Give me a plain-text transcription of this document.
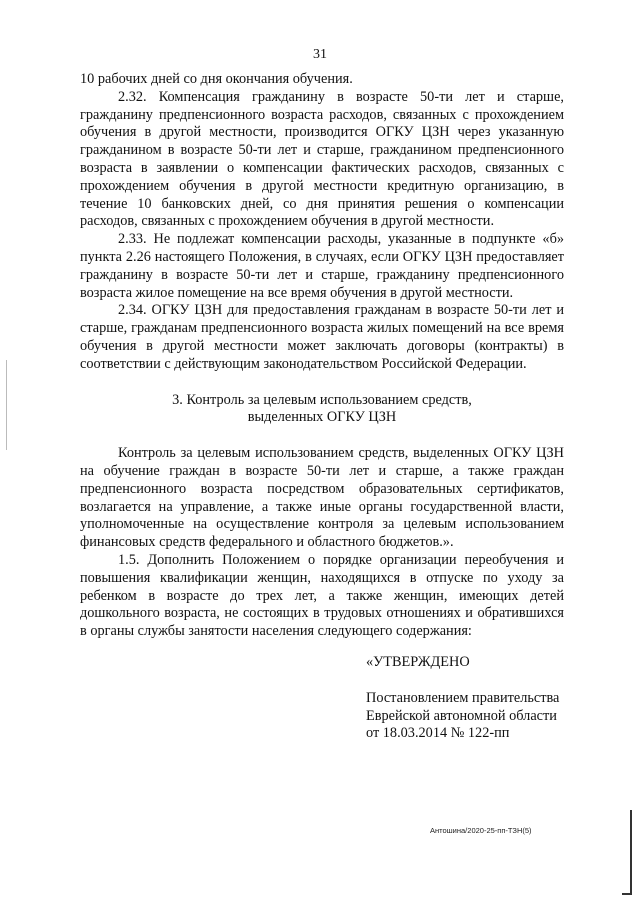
31

10 рабочих дней со дня окончания обучения.

2.32. Компенсация гражданину в возрасте 50-ти лет и старше, гражданину предпенсионного возраста расходов, связанных с прохождением обучения в другой местности, производится ОГКУ ЦЗН через указанную гражданином в возрасте 50-ти лет и старше, гражданином предпенсионного возраста в заявлении о компенсации фактических расходов, связанных с прохождением обучения в другой местности кредитную организацию, в течение 10 банковских дней, со дня принятия решения о компенсации расходов, связанных с прохождением обучения в другой местности.

2.33. Не подлежат компенсации расходы, указанные в подпункте «б» пункта 2.26 настоящего Положения, в случаях, если ОГКУ ЦЗН предоставляет гражданину в возрасте 50-ти лет и старше, гражданину предпенсионного возраста жилое помещение на все время обучения в другой местности.

2.34. ОГКУ ЦЗН для предоставления гражданам в возрасте 50-ти лет и старше, гражданам предпенсионного возраста жилых помещений на все время обучения в другой местности может заключать договоры (контракты) в соответствии с действующим законодательством Российской Федерации.

3. Контроль за целевым использованием средств,
выделенных ОГКУ ЦЗН

Контроль за целевым использованием средств, выделенных ОГКУ ЦЗН на обучение граждан в возрасте 50-ти лет и старше, а также граждан предпенсионного возраста посредством образовательных сертификатов, возлагается на управление, а также иные органы государственной власти, уполномоченные на осуществление контроля за целевым использованием финансовых средств федерального и областного бюджетов.».

1.5. Дополнить Положением о порядке организации переобучения и повышения квалификации женщин, находящихся в отпуске по уходу за ребенком в возрасте до трех лет, а также женщин, имеющих детей дошкольного возраста, не состоящих в трудовых отношениях и обратившихся в органы службы занятости населения следующего содержания:

«УТВЕРЖДЕНО

Постановлением правительства
Еврейской автономной области
от 18.03.2014 № 122-пп
Антошина/2020-25-пп-ТЗН(5)
